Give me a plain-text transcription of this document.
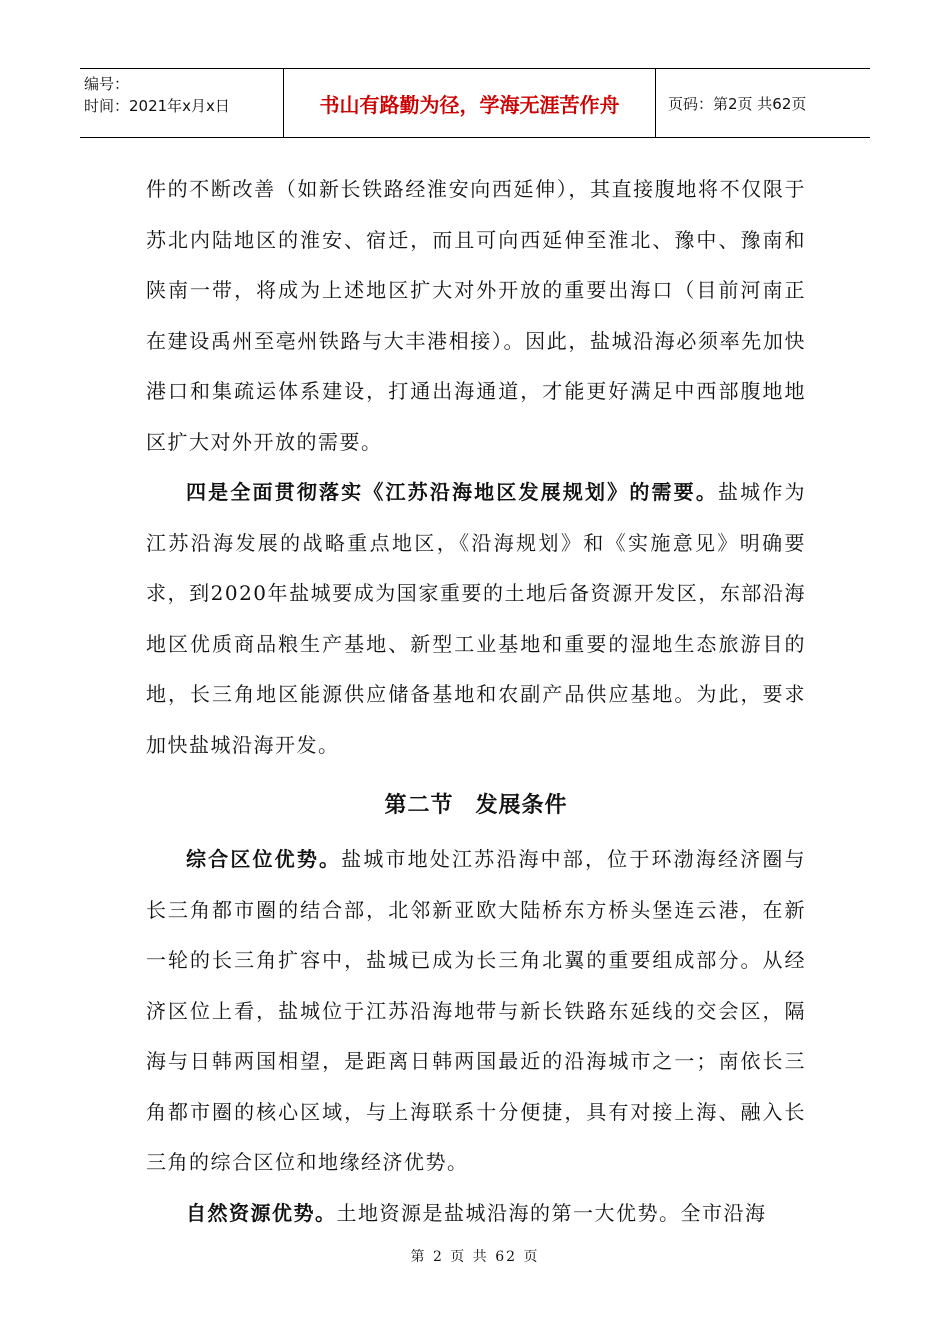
编号：
时间：2021年x月x日	书山有路勤为径，学海无涯苦作舟	页码：第2页 共62页

件的不断改善（如新长铁路经淮安向西延伸），其直接腹地将不仅限于苏北内陆地区的淮安、宿迁，而且可向西延伸至淮北、豫中、豫南和陕南一带，将成为上述地区扩大对外开放的重要出海口（目前河南正在建设禹州至亳州铁路与大丰港相接）。因此，盐城沿海必须率先加快港口和集疏运体系建设，打通出海通道，才能更好满足中西部腹地地区扩大对外开放的需要。

四是全面贯彻落实《江苏沿海地区发展规划》的需要。盐城作为江苏沿海发展的战略重点地区，《沿海规划》和《实施意见》明确要求，到2020年盐城要成为国家重要的土地后备资源开发区，东部沿海地区优质商品粮生产基地、新型工业基地和重要的湿地生态旅游目的地，长三角地区能源供应储备基地和农副产品供应基地。为此，要求加快盐城沿海开发。

第二节 发展条件

综合区位优势。盐城市地处江苏沿海中部，位于环渤海经济圈与长三角都市圈的结合部，北邻新亚欧大陆桥东方桥头堡连云港，在新一轮的长三角扩容中，盐城已成为长三角北翼的重要组成部分。从经济区位上看，盐城位于江苏沿海地带与新长铁路东延线的交会区，隔海与日韩两国相望，是距离日韩两国最近的沿海城市之一；南依长三角都市圈的核心区域，与上海联系十分便捷，具有对接上海、融入长三角的综合区位和地缘经济优势。

自然资源优势。土地资源是盐城沿海的第一大优势。全市沿海

第 2 页 共 62 页
